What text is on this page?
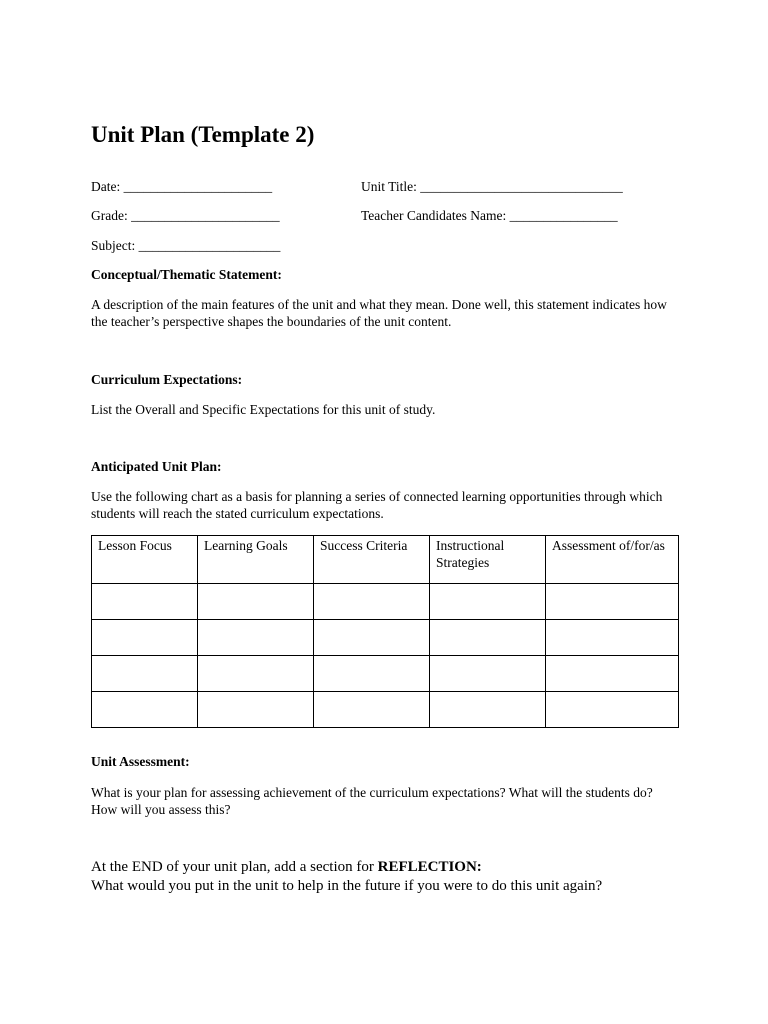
Unit Plan (Template 2)
Date: ______________________	Unit Title: ______________________________
Grade: ______________________	Teacher Candidates Name: ________________
Subject: _____________________
Conceptual/Thematic Statement:
A description of the main features of the unit and what they mean. Done well, this statement indicates how the teacher’s perspective shapes the boundaries of the unit content.
Curriculum Expectations:
List the Overall and Specific Expectations for this unit of study.
Anticipated Unit Plan:
Use the following chart as a basis for planning a series of connected learning opportunities through which students will reach the stated curriculum expectations.
Lesson Focus	Learning Goals	Success Criteria	Instructional Strategies	Assessment of/for/as

Unit Assessment:
What is your plan for assessing achievement of the curriculum expectations? What will the students do? How will you assess this?
At the END of your unit plan, add a section for REFLECTION:
What would you put in the unit to help in the future if you were to do this unit again?
